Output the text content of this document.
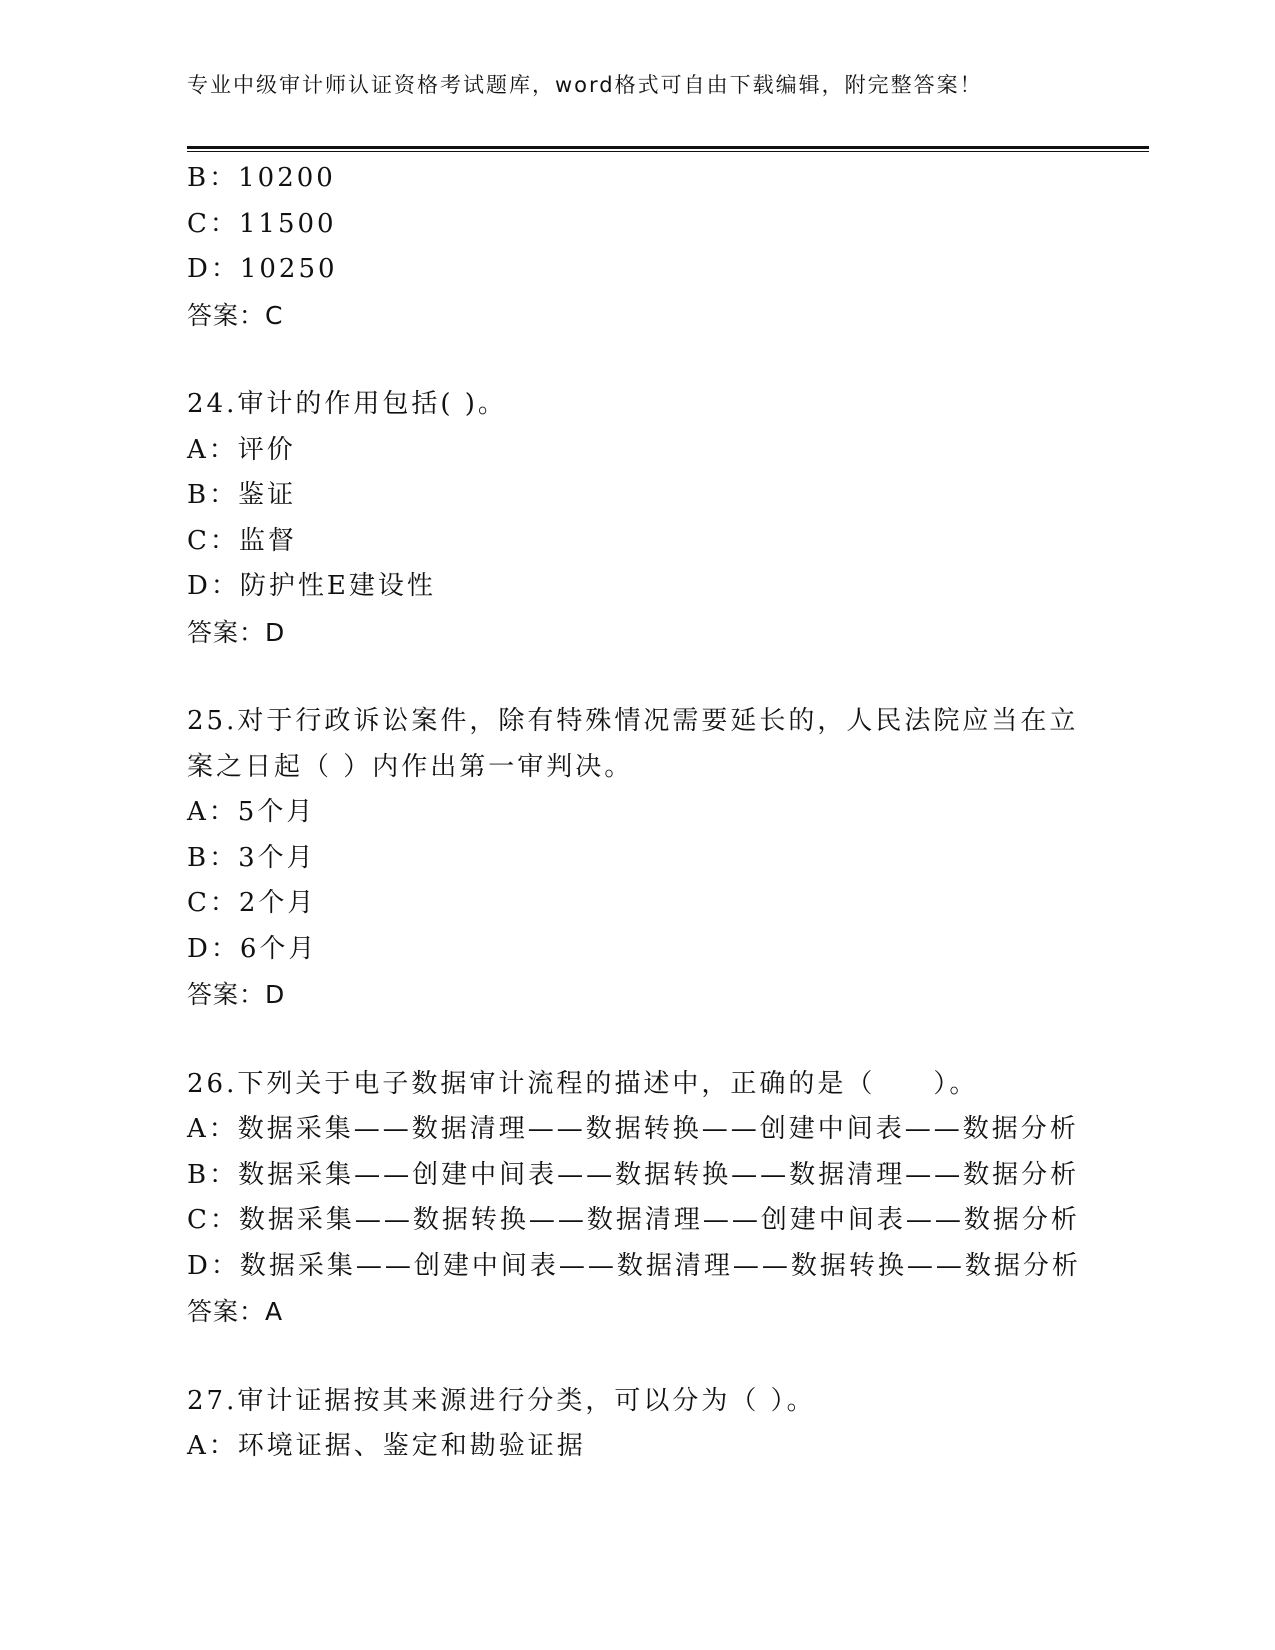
专业中级审计师认证资格考试题库，word格式可自由下载编辑，附完整答案！
B：10200
C：11500
D：10250
答案：C
24.审计的作用包括( )。
A：评价
B：鉴证
C：监督
D：防护性E建设性
答案：D
25.对于行政诉讼案件，除有特殊情况需要延长的，人民法院应当在立案之日起（ ）内作出第一审判决。
A：5个月
B：3个月
C：2个月
D：6个月
答案：D
26.下列关于电子数据审计流程的描述中，正确的是（　　）。
A：数据采集——数据清理——数据转换——创建中间表——数据分析
B：数据采集——创建中间表——数据转换——数据清理——数据分析
C：数据采集——数据转换——数据清理——创建中间表——数据分析
D：数据采集——创建中间表——数据清理——数据转换——数据分析
答案：A
27.审计证据按其来源进行分类，可以分为（ ）。
A：环境证据、鉴定和勘验证据
